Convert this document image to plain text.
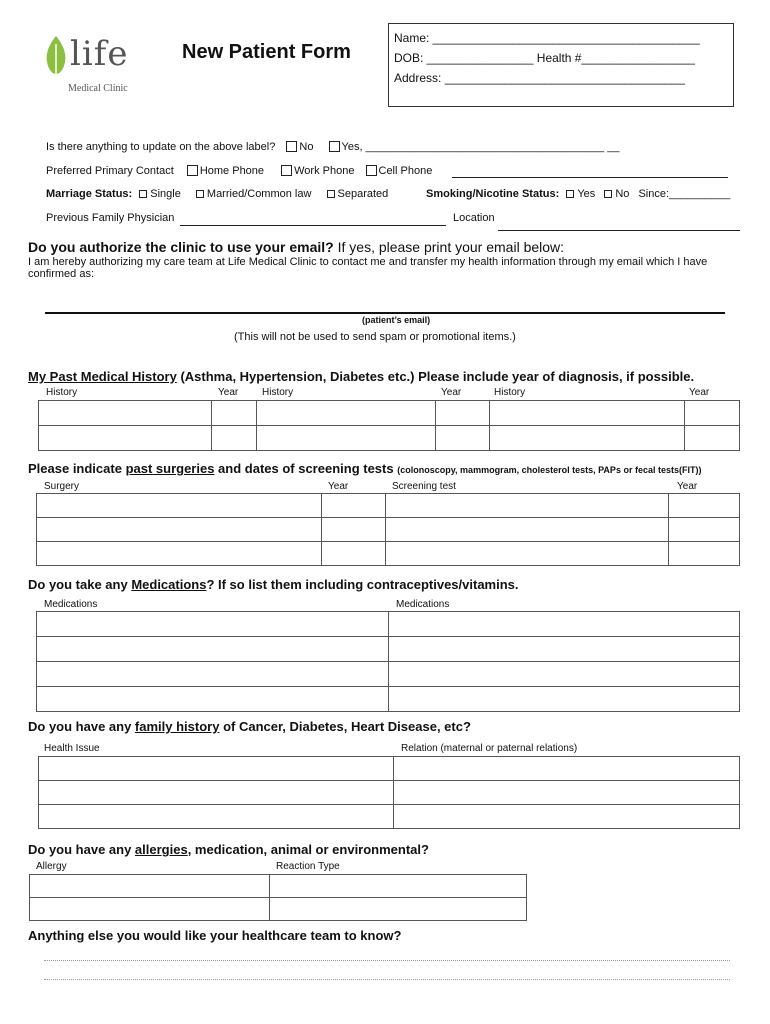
life
Medical Clinic
New Patient Form
Name: ________________________________________
DOB: ________________ Health #_________________
Address: ____________________________________
Is there anything to update on the above label? No	Yes, _______________________________________ __
Preferred Primary Contact Home Phone	Work Phone Cell Phone
Marriage Status: Single Married/Common law Separated	Smoking/Nicotine Status: Yes No Since:__________
Previous Family Physician	Location
Do you authorize the clinic to use your email? If yes, please print your email below:
I am hereby authorizing my care team at Life Medical Clinic to contact me and transfer my health information through my email which I have confirmed as:
(patient’s email)
(This will not be used to send spam or promotional items.)
My Past Medical History (Asthma, Hypertension, Diabetes etc.) Please include year of diagnosis, if possible.
History	Year History	Year	History	Year

Please indicate past surgeries and dates of screening tests (colonoscopy, mammogram, cholesterol tests, PAPs or fecal tests(FIT))
Surgery	Year	Screening test	Year

Do you take any Medications? If so list them including contraceptives/vitamins.
Medications	Medications

Do you have any family history of Cancer, Diabetes, Heart Disease, etc?
Health Issue	Relation (maternal or paternal relations)

Do you have any allergies, medication, animal or environmental?
Allergy	Reaction Type

Anything else you would like your healthcare team to know?
